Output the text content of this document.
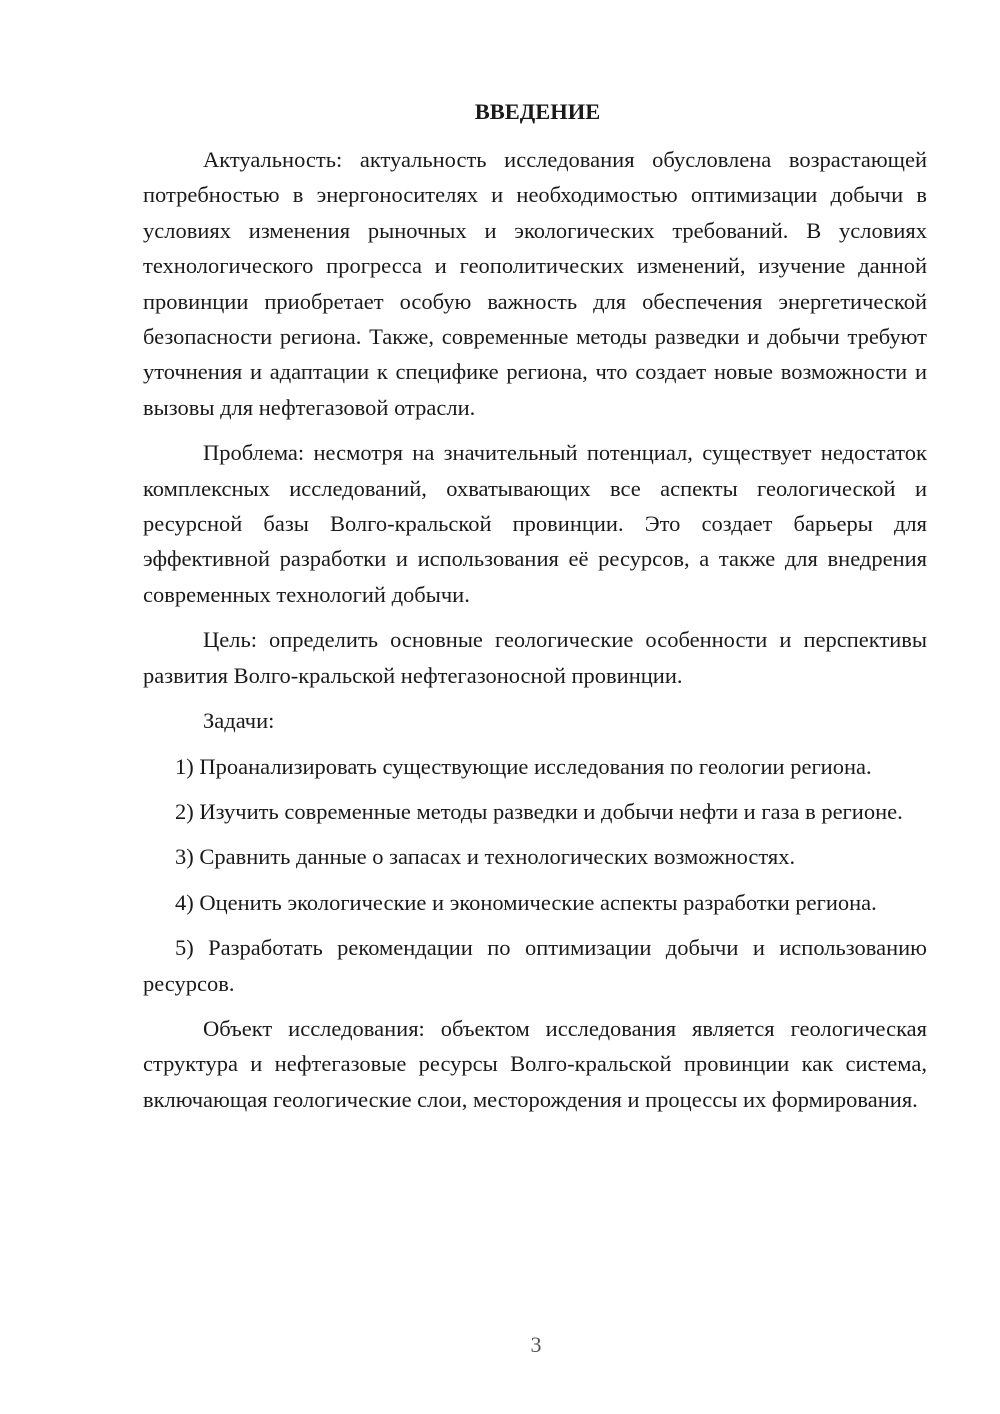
ВВЕДЕНИЕ

Актуальность: актуальность исследования обусловлена возрастающей потребностью в энергоносителях и необходимостью оптимизации добычи в условиях изменения рыночных и экологических требований. В условиях технологического прогресса и геополитических изменений, изучение данной провинции приобретает особую важность для обеспечения энергетической безопасности региона. Также, современные методы разведки и добычи требуют уточнения и адаптации к специфике региона, что создает новые возможности и вызовы для нефтегазовой отрасли.

Проблема: несмотря на значительный потенциал, существует недостаток комплексных исследований, охватывающих все аспекты геологической и ресурсной базы Волго-кральской провинции. Это создает барьеры для эффективной разработки и использования её ресурсов, а также для внедрения современных технологий добычи.

Цель: определить основные геологические особенности и перспективы развития Волго-кральской нефтегазоносной провинции.

Задачи:

1) Проанализировать существующие исследования по геологии региона.

2) Изучить современные методы разведки и добычи нефти и газа в регионе.

3) Сравнить данные о запасах и технологических возможностях.

4) Оценить экологические и экономические аспекты разработки региона.

5) Разработать рекомендации по оптимизации добычи и использованию ресурсов.

Объект исследования: объектом исследования является геологическая структура и нефтегазовые ресурсы Волго-кральской провинции как система, включающая геологические слои, месторождения и процессы их формирования.

3
